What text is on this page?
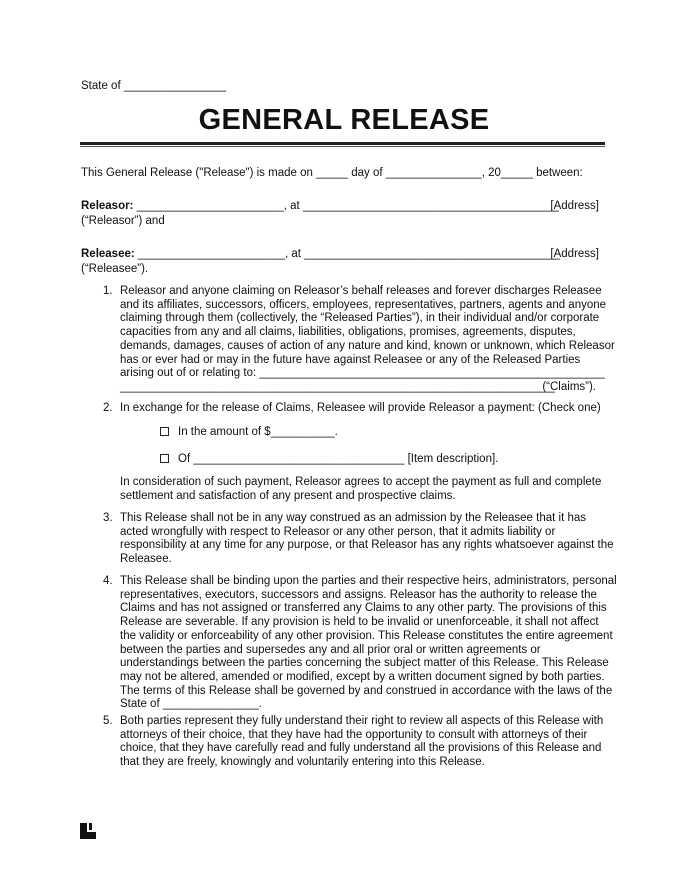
State of ________________
GENERAL RELEASE
This General Release ("Release") is made on _____ day of _______________, 20_____ between:
Releasor: _______________________, at ________________________________________
[Address]
(“Releasor”) and
Releasee: _______________________, at ________________________________________
[Address]
(“Releasee”).
1. Releasor and anyone claiming on Releasor’s behalf releases and forever discharges Releasee
and its affiliates, successors, officers, employees, representatives, partners, agents and anyone
claiming through them (collectively, the “Released Parties”), in their individual and/or corporate
capacities from any and all claims, liabilities, obligations, promises, agreements, disputes,
demands, damages, causes of action of any nature and kind, known or unknown, which Releasor
has or ever had or may in the future have against Releasee or any of the Released Parties
arising out of or relating to: ______________________________________________________
____________________________________________________________________
(“Claims”).
2. In exchange for the release of Claims, Releasee will provide Releasor a payment: (Check one)
In the amount of $__________.
Of _________________________________ [Item description].
In consideration of such payment, Releasor agrees to accept the payment as full and complete
settlement and satisfaction of any present and prospective claims.
3. This Release shall not be in any way construed as an admission by the Releasee that it has
acted wrongfully with respect to Releasor or any other person, that it admits liability or
responsibility at any time for any purpose, or that Releasor has any rights whatsoever against the
Releasee.
4. This Release shall be binding upon the parties and their respective heirs, administrators, personal
representatives, executors, successors and assigns. Releasor has the authority to release the
Claims and has not assigned or transferred any Claims to any other party. The provisions of this
Release are severable. If any provision is held to be invalid or unenforceable, it shall not affect
the validity or enforceability of any other provision. This Release constitutes the entire agreement
between the parties and supersedes any and all prior oral or written agreements or
understandings between the parties concerning the subject matter of this Release. This Release
may not be altered, amended or modified, except by a written document signed by both parties.
The terms of this Release shall be governed by and construed in accordance with the laws of the
State of _______________.
5. Both parties represent they fully understand their right to review all aspects of this Release with
attorneys of their choice, that they have had the opportunity to consult with attorneys of their
choice, that they have carefully read and fully understand all the provisions of this Release and
that they are freely, knowingly and voluntarily entering into this Release.
